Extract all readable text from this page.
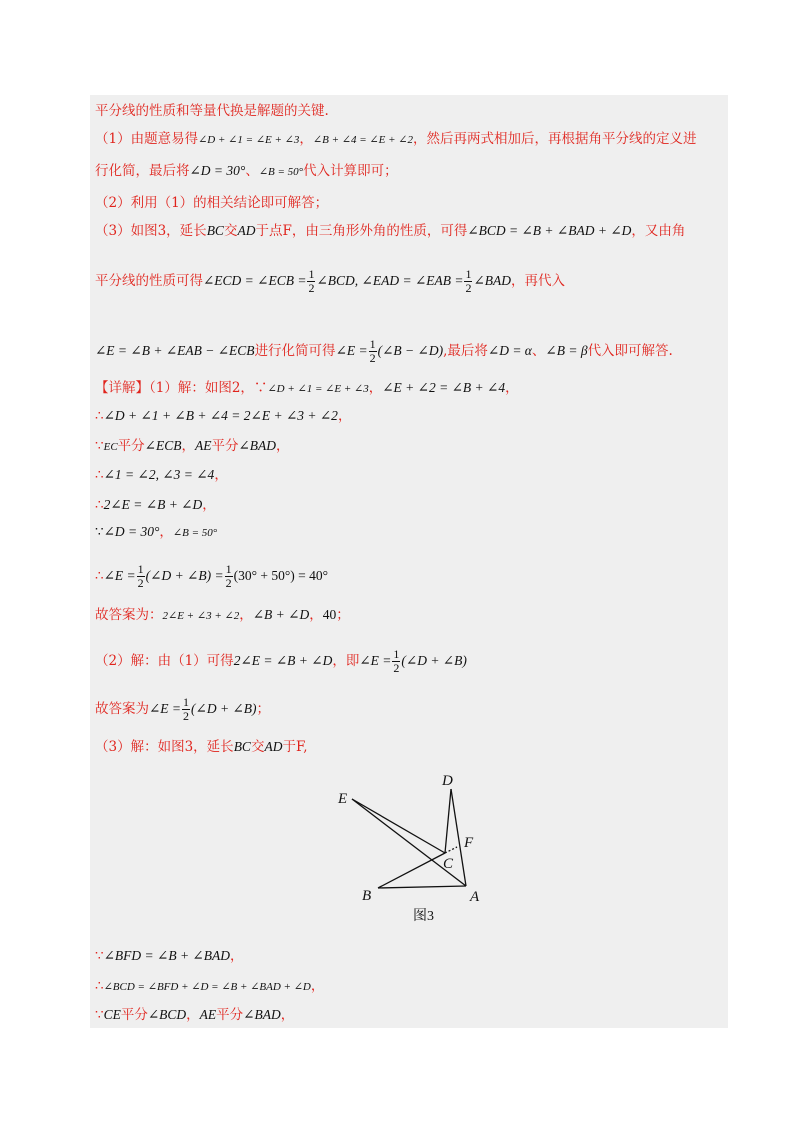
平分线的性质和等量代换是解题的关键.
（1）由题意易得∠D + ∠1 = ∠E + ∠3，∠B + ∠4 = ∠E + ∠2，然后再两式相加后，再根据角平分线的定义进
行化简，最后将∠D = 30°、∠B = 50°代入计算即可；
（2）利用（1）的相关结论即可解答；
（3）如图3，延长BC交AD于点F，由三角形外角的性质，可得∠BCD = ∠B + ∠BAD + ∠D，又由角
平分线的性质可得∠ECD = ∠ECB = $\frac{1}{2}$ ∠BCD, ∠EAD = ∠EAB = $\frac{1}{2}$ ∠BAD，再代入
∠E = ∠B + ∠EAB − ∠ECB进行化简可得∠E = $\frac{1}{2}$ (∠B − ∠D),最后将∠D = α、∠B = β代入即可解答.
【详解】（1）解：如图2，∵∠D + ∠1 = ∠E + ∠3，∠E + ∠2 = ∠B + ∠4，
∴∠D + ∠1 + ∠B + ∠4 = 2∠E + ∠3 + ∠2，
∵EC平分∠ECB，AE平分∠BAD，
∴∠1 = ∠2, ∠3 = ∠4，
∴2∠E = ∠B + ∠D，
∵∠D = 30°，∠B = 50°
∴∠E = $\frac{1}{2}$ (∠D + ∠B) = $\frac{1}{2} (30^\circ + 50^\circ) = 40^\circ$
故答案为：2∠E + ∠3 + ∠2，∠B + ∠D，40；
（2）解：由（1）可得2∠E = ∠B + ∠D，即∠E = $\frac{1}{2}$ (∠D + ∠B)
故答案为∠E = $\frac{1}{2}$ (∠D + ∠B)；
（3）解：如图3，延长BC交AD于F,
D
E
F
C
B	A
图3
∵∠BFD = ∠B + ∠BAD，
∴∠BCD = ∠BFD + ∠D = ∠B + ∠BAD + ∠D，
∵CE平分∠BCD，AE平分∠BAD，
